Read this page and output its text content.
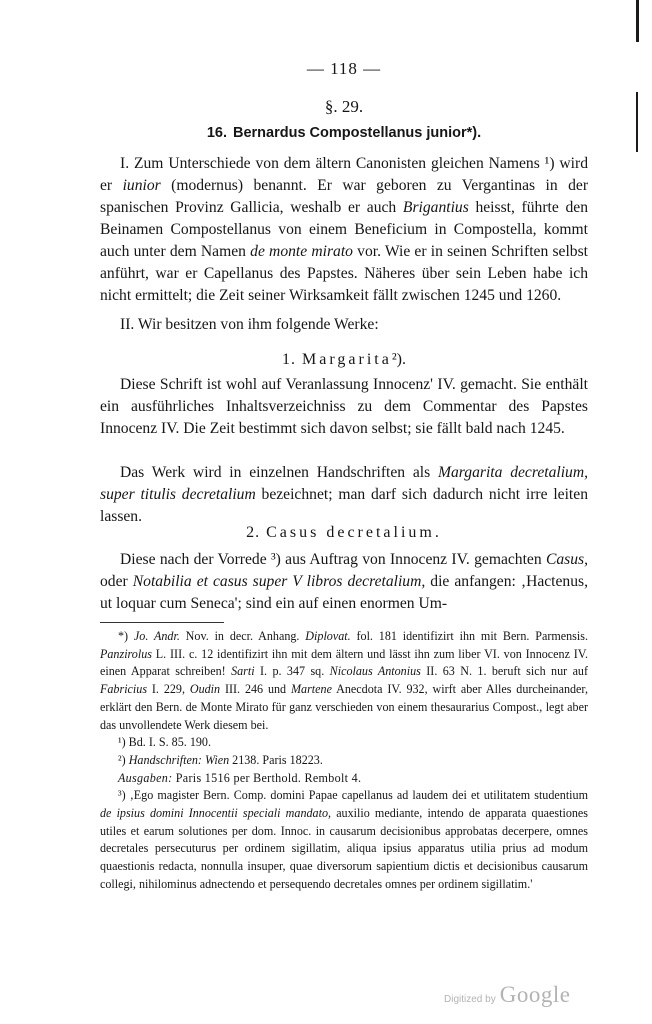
— 118 —
§. 29.
16. Bernardus Compostellanus junior*).

I. Zum Unterschiede von dem ältern Canonisten gleichen Namens ¹) wird er iunior (modernus) benannt. Er war geboren zu Vergantinas in der spanischen Provinz Gallicia, weshalb er auch Brigantius heisst, führte den Beinamen Compostellanus von einem Beneficium in Compostella, kommt auch unter dem Namen de monte mirato vor. Wie er in seinen Schriften selbst anführt, war er Capellanus des Papstes. Näheres über sein Leben habe ich nicht ermittelt; die Zeit seiner Wirksamkeit fällt zwischen 1245 und 1260.

II. Wir besitzen von ihm folgende Werke:

1. Margarita²).

Diese Schrift ist wohl auf Veranlassung Innocenz' IV. gemacht. Sie enthält ein ausführliches Inhaltsverzeichniss zu dem Commentar des Papstes Innocenz IV. Die Zeit bestimmt sich davon selbst; sie fällt bald nach 1245.

Das Werk wird in einzelnen Handschriften als Margarita decretalium, super titulis decretalium bezeichnet; man darf sich dadurch nicht irre leiten lassen.

2. Casus decretalium.

Diese nach der Vorrede ³) aus Auftrag von Innocenz IV. gemachten Casus, oder Notabilia et casus super V libros decretalium, die anfangen: ‚Hactenus, ut loquar cum Seneca'; sind ein auf einen enormen Um-

*) Jo. Andr. Nov. in decr. Anhang. Diplovat. fol. 181 identifizirt ihn mit Bern. Parmensis. Panzirolus L. III. c. 12 identifizirt ihn mit dem ältern und lässt ihn zum liber VI. von Innocenz IV. einen Apparat schreiben! Sarti I. p. 347 sq. Nicolaus Antonius II. 63 N. 1. beruft sich nur auf Fabricius I. 229, Oudin III. 246 und Martene Anecdota IV. 932, wirft aber Alles durcheinander, erklärt den Bern. de Monte Mirato für ganz verschieden von einem thesaurarius Compost., legt aber das unvollendete Werk diesem bei.

¹) Bd. I. S. 85. 190.

²) Handschriften: Wien 2138. Paris 18223.

Ausgaben: Paris 1516 per Berthold. Rembolt 4.

³) ‚Ego magister Bern. Comp. domini Papae capellanus ad laudem dei et utilitatem studentium de ipsius domini Innocentii speciali mandato, auxilio mediante, intendo de apparata quaestiones utiles et earum solutiones per dom. Innoc. in causarum decisionibus approbatas decerpere, omnes decretales persecuturus per ordinem sigillatim, aliqua ipsius apparatus utilia prius ad modum quaestionis redacta, nonnulla insuper, quae diversorum sapientium dictis et decisionibus causarum collegi, nihilominus adnectendo et persequendo decretales omnes per ordinem sigillatim.'

Digitized by Google
